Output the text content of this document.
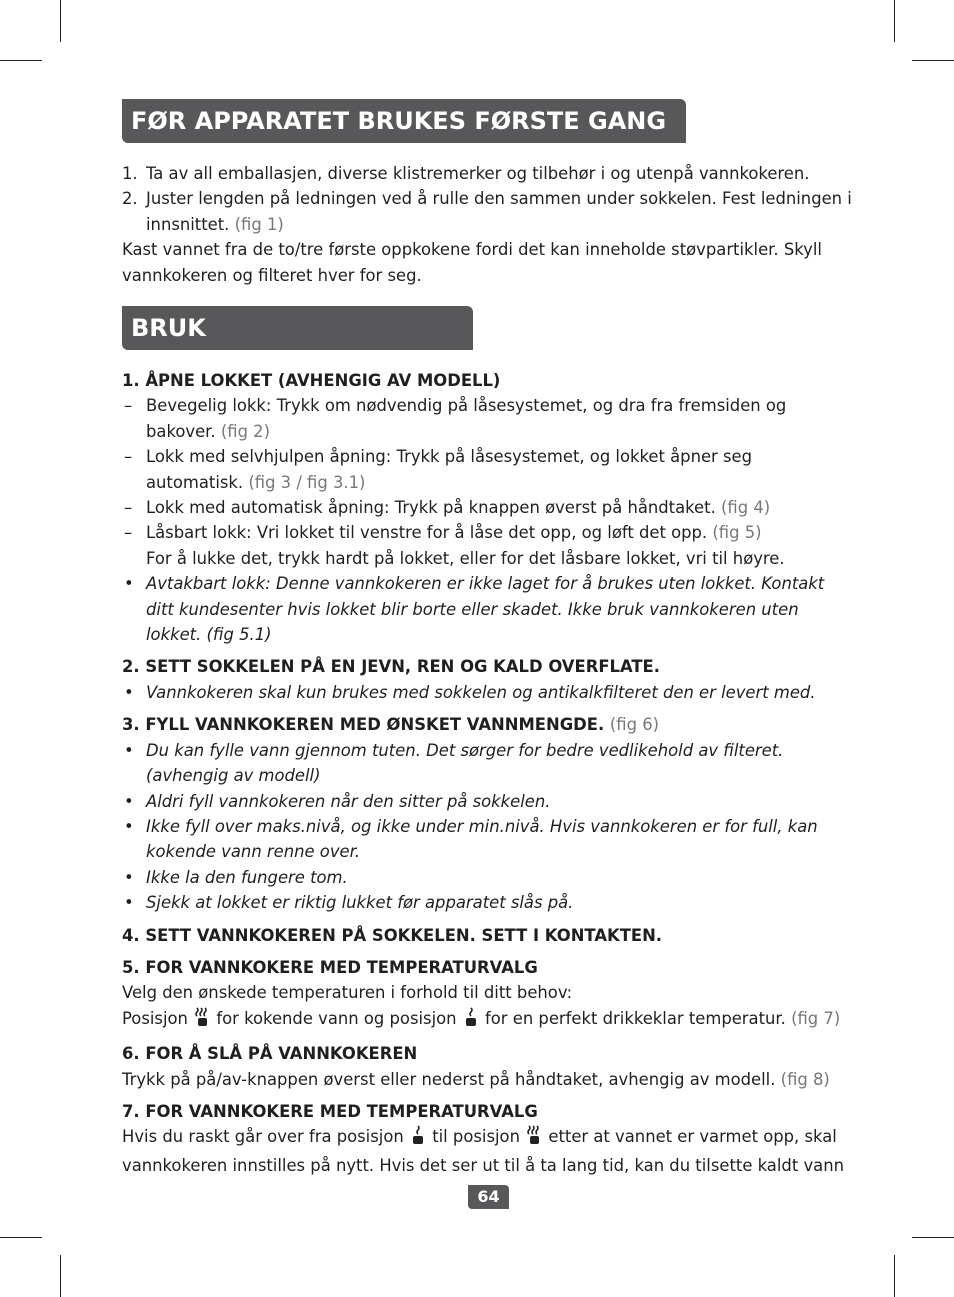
FØR APPARATET BRUKES FØRSTE GANG
1. Ta av all emballasjen, diverse klistremerker og tilbehør i og utenpå vannkokeren.
2. Juster lengden på ledningen ved å rulle den sammen under sokkelen. Fest ledningen i innsnittet. (fig 1)
Kast vannet fra de to/tre første oppkokene fordi det kan inneholde støvpartikler. Skyll vannkokeren og filteret hver for seg.
BRUK
1. ÅPNE LOKKET (AVHENGIG AV MODELL)
– Bevegelig lokk: Trykk om nødvendig på låsesystemet, og dra fra fremsiden og bakover. (fig 2)
– Lokk med selvhjulpen åpning: Trykk på låsesystemet, og lokket åpner seg automatisk. (fig 3 / fig 3.1)
– Lokk med automatisk åpning: Trykk på knappen øverst på håndtaket. (fig 4)
– Låsbart lokk: Vri lokket til venstre for å låse det opp, og løft det opp. (fig 5)
For å lukke det, trykk hardt på lokket, eller for det låsbare lokket, vri til høyre.
• Avtakbart lokk: Denne vannkokeren er ikke laget for å brukes uten lokket. Kontakt ditt kundesenter hvis lokket blir borte eller skadet. Ikke bruk vannkokeren uten lokket. (fig 5.1)
2. SETT SOKKELEN PÅ EN JEVN, REN OG KALD OVERFLATE.
• Vannkokeren skal kun brukes med sokkelen og antikalkfilteret den er levert med.
3. FYLL VANNKOKEREN MED ØNSKET VANNMENGDE. (fig 6)
• Du kan fylle vann gjennom tuten. Det sørger for bedre vedlikehold av filteret. (avhengig av modell)
• Aldri fyll vannkokeren når den sitter på sokkelen.
• Ikke fyll over maks.nivå, og ikke under min.nivå. Hvis vannkokeren er for full, kan kokende vann renne over.
• Ikke la den fungere tom.
• Sjekk at lokket er riktig lukket før apparatet slås på.
4. SETT VANNKOKEREN PÅ SOKKELEN. SETT I KONTAKTEN.
5. FOR VANNKOKERE MED TEMPERATURVALG
Velg den ønskede temperaturen i forhold til ditt behov:
Posisjon for kokende vann og posisjon for en perfekt drikkeklar temperatur. (fig 7)
6. FOR Å SLÅ PÅ VANNKOKEREN
Trykk på på/av-knappen øverst eller nederst på håndtaket, avhengig av modell. (fig 8)
7. FOR VANNKOKERE MED TEMPERATURVALG
Hvis du raskt går over fra posisjon til posisjon etter at vannet er varmet opp, skal
vannkokeren innstilles på nytt. Hvis det ser ut til å ta lang tid, kan du tilsette kaldt vann
64
